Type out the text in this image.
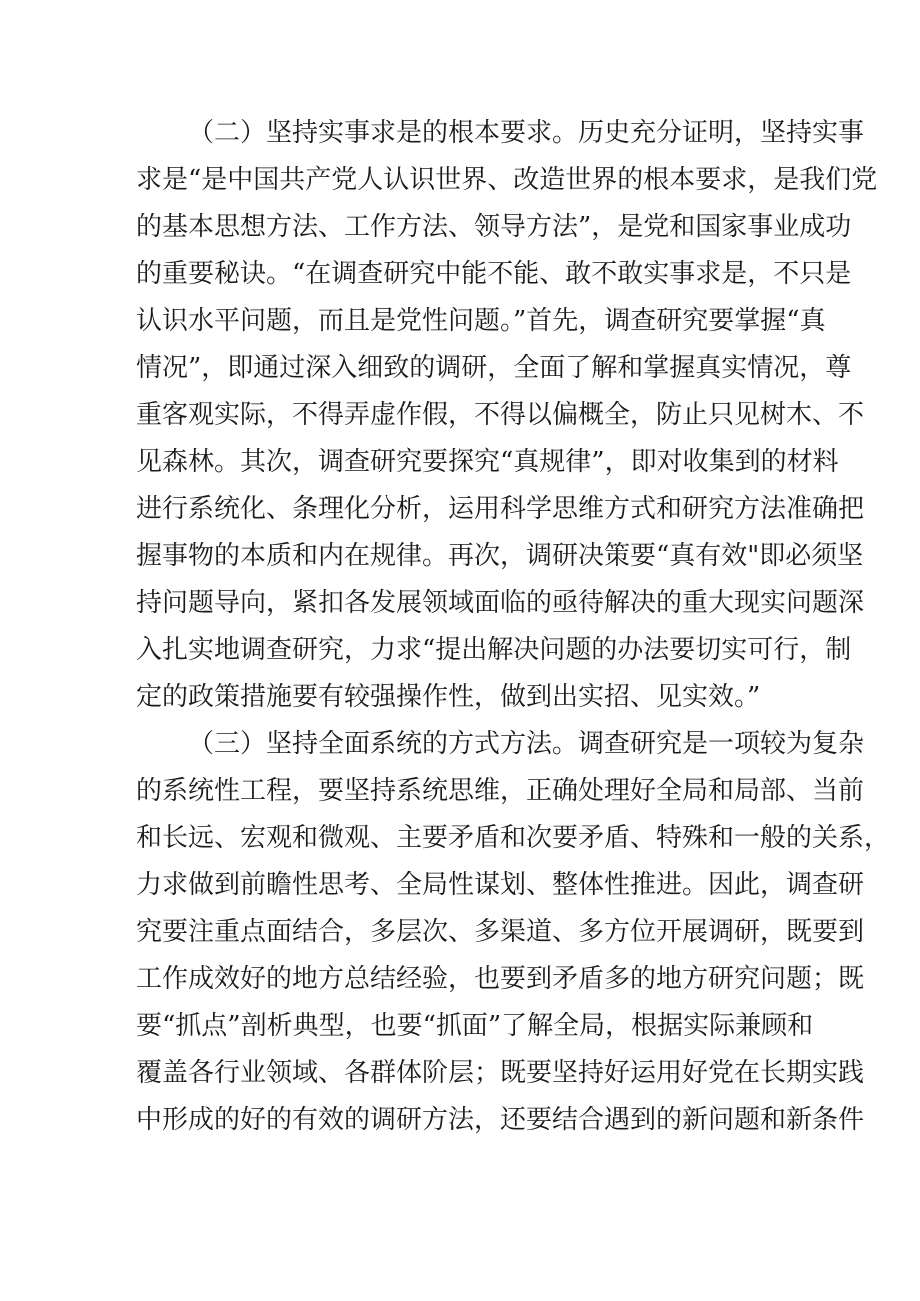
（二）坚持实事求是的根本要求。历史充分证明，坚持实事
求是“是中国共产党人认识世界、改造世界的根本要求，是我们党
的基本思想方法、工作方法、领导方法”，是党和国家事业成功
的重要秘诀。“在调查研究中能不能、敢不敢实事求是，不只是
认识水平问题，而且是党性问题。”首先，调查研究要掌握“真
情况”，即通过深入细致的调研，全面了解和掌握真实情况，尊
重客观实际，不得弄虚作假，不得以偏概全，防止只见树木、不
见森林。其次，调查研究要探究“真规律”，即对收集到的材料
进行系统化、条理化分析，运用科学思维方式和研究方法准确把
握事物的本质和内在规律。再次，调研决策要“真有效"即必须坚
持问题导向，紧扣各发展领域面临的亟待解决的重大现实问题深
入扎实地调查研究，力求“提出解决问题的办法要切实可行，制
定的政策措施要有较强操作性，做到出实招、见实效。”
（三）坚持全面系统的方式方法。调查研究是一项较为复杂
的系统性工程，要坚持系统思维，正确处理好全局和局部、当前
和长远、宏观和微观、主要矛盾和次要矛盾、特殊和一般的关系，
力求做到前瞻性思考、全局性谋划、整体性推进。因此，调查研
究要注重点面结合，多层次、多渠道、多方位开展调研，既要到
工作成效好的地方总结经验，也要到矛盾多的地方研究问题；既
要“抓点”剖析典型，也要“抓面”了解全局，根据实际兼顾和
覆盖各行业领域、各群体阶层；既要坚持好运用好党在长期实践
中形成的好的有效的调研方法，还要结合遇到的新问题和新条件
